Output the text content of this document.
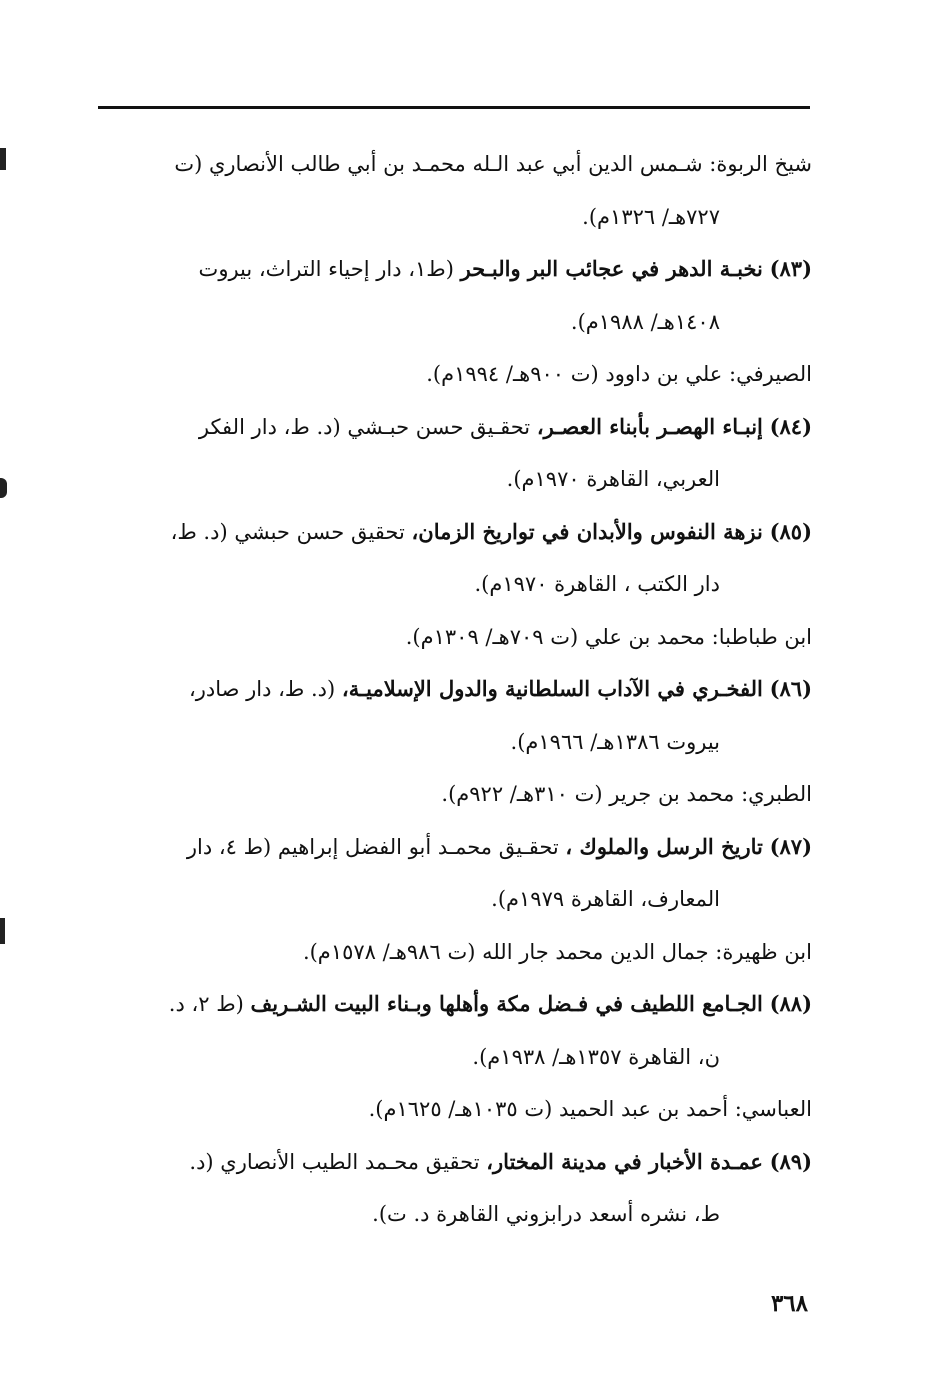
شيخ الربوة: شـمس الدين أبي عبد الـله محمـد بن أبي طالب الأنصاري (ت
٧٢٧هـ/ ١٣٢٦م).

(٨٣) نخبـة الدهر في عجائب البر والبـحر (ط١، دار إحياء التراث، بيروت
١٤٠٨هـ/ ١٩٨٨م).

الصيرفي: علي بن داوود (ت ٩٠٠هـ/ ١٩٩٤م).

(٨٤) إنبـاء الهصـر بأبناء العصـر، تحقـيق حسن حبـشي (د. ط، دار الفكر
العربي، القاهرة ١٩٧٠م).

(٨٥) نزهة النفوس والأبدان في تواريخ الزمان، تحقيق حسن حبشي (د. ط،
دار الكتب ، القاهرة ١٩٧٠م).

ابن طباطبا: محمد بن علي (ت ٧٠٩هـ/ ١٣٠٩م).

(٨٦) الفخـري في الآداب السلطانية والدول الإسلاميـة، (د. ط، دار صادر،
بيروت ١٣٨٦هـ/ ١٩٦٦م).

الطبري: محمد بن جرير (ت ٣١٠هـ/ ٩٢٢م).

(٨٧) تاريخ الرسل والملوك ، تحقـيق محمـد أبو الفضل إبراهيم (ط ٤، دار
المعارف، القاهرة ١٩٧٩م).

ابن ظهيرة: جمال الدين محمد جار الله (ت ٩٨٦هـ/ ١٥٧٨م).

(٨٨) الجـامع اللطيف في فـضل مكة وأهلها وبـناء البيت الشـريف (ط ٢، د.
ن، القاهرة ١٣٥٧هـ/ ١٩٣٨م).

العباسي: أحمد بن عبد الحميد (ت ١٠٣٥هـ/ ١٦٢٥م).

(٨٩) عمـدة الأخبار في مدينة المختار، تحقيق محـمد الطيب الأنصاري (د.
ط، نشره أسعد درابزوني القاهرة د. ت).

٣٦٨
